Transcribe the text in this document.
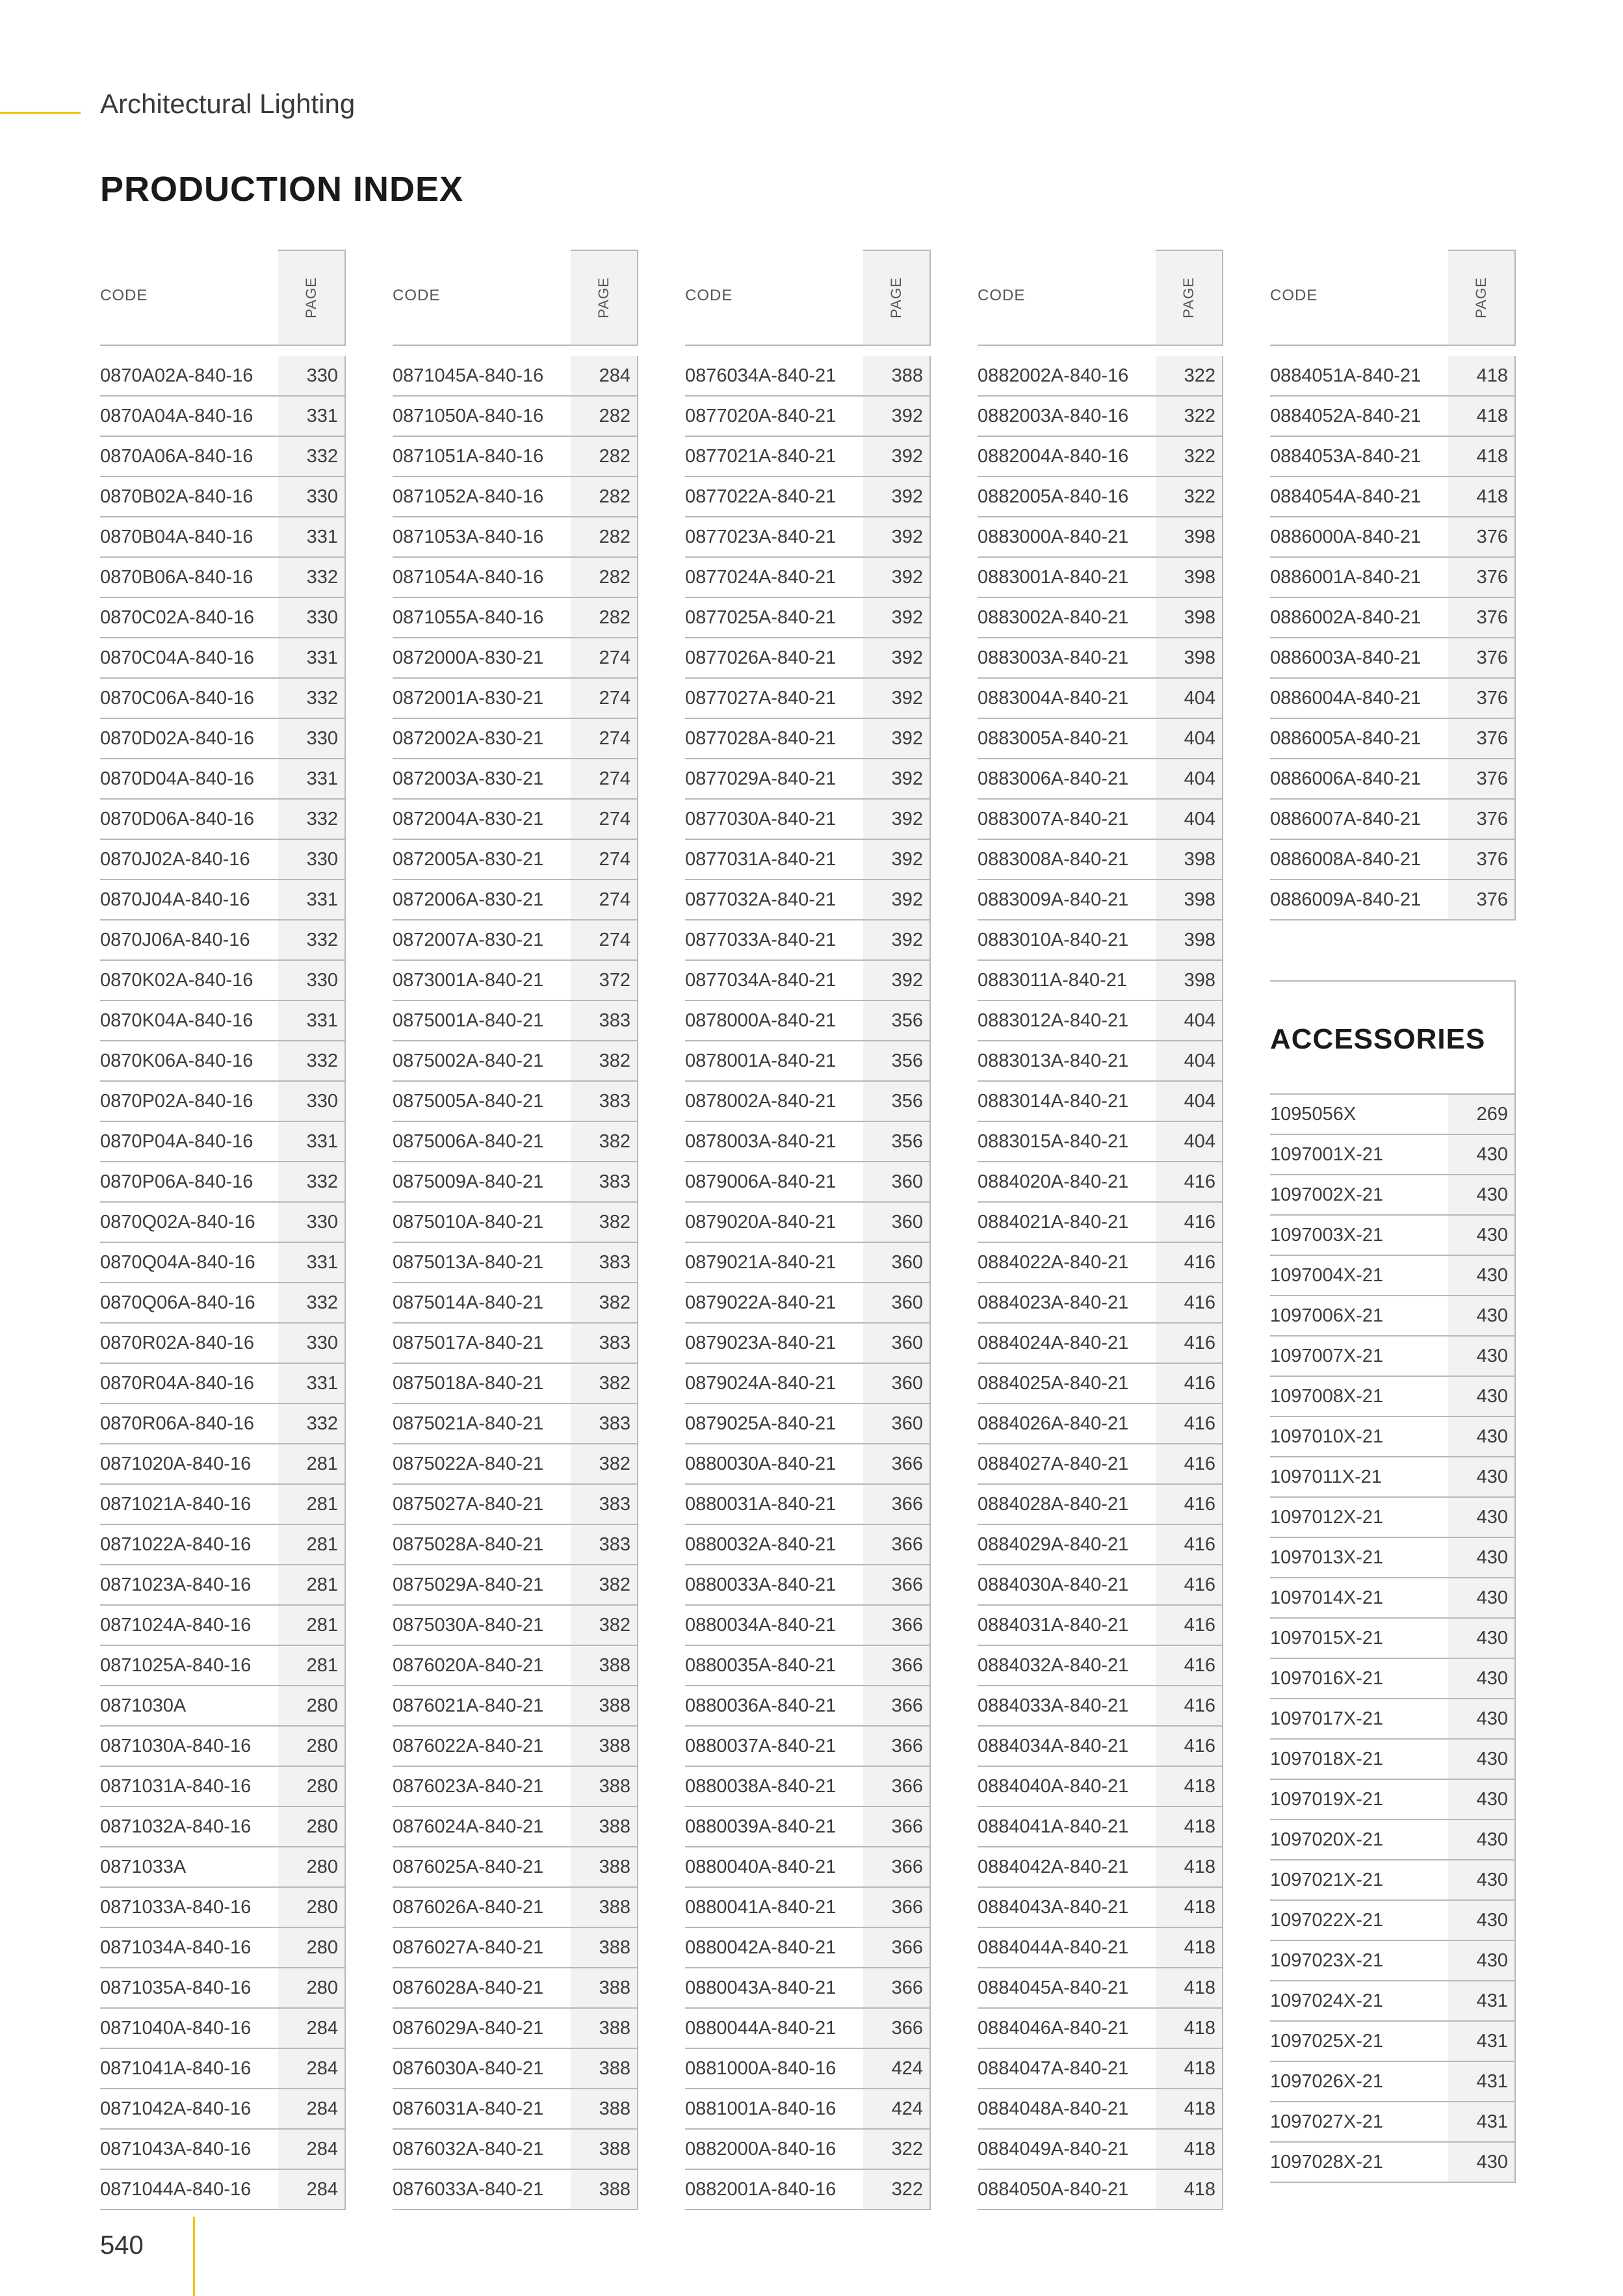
Architectural Lighting
PRODUCTION INDEX
CODE	PAGE
0870A02A-840-16	330
0870A04A-840-16	331
0870A06A-840-16	332
0870B02A-840-16	330
0870B04A-840-16	331
0870B06A-840-16	332
0870C02A-840-16	330
0870C04A-840-16	331
0870C06A-840-16	332
0870D02A-840-16	330
0870D04A-840-16	331
0870D06A-840-16	332
0870J02A-840-16	330
0870J04A-840-16	331
0870J06A-840-16	332
0870K02A-840-16	330
0870K04A-840-16	331
0870K06A-840-16	332
0870P02A-840-16	330
0870P04A-840-16	331
0870P06A-840-16	332
0870Q02A-840-16	330
0870Q04A-840-16	331
0870Q06A-840-16	332
0870R02A-840-16	330
0870R04A-840-16	331
0870R06A-840-16	332
0871020A-840-16	281
0871021A-840-16	281
0871022A-840-16	281
0871023A-840-16	281
0871024A-840-16	281
0871025A-840-16	281
0871030A	280
0871030A-840-16	280
0871031A-840-16	280
0871032A-840-16	280
0871033A	280
0871033A-840-16	280
0871034A-840-16	280
0871035A-840-16	280
0871040A-840-16	284
0871041A-840-16	284
0871042A-840-16	284
0871043A-840-16	284
0871044A-840-16	284
CODE	PAGE
0871045A-840-16	284
0871050A-840-16	282
0871051A-840-16	282
0871052A-840-16	282
0871053A-840-16	282
0871054A-840-16	282
0871055A-840-16	282
0872000A-830-21	274
0872001A-830-21	274
0872002A-830-21	274
0872003A-830-21	274
0872004A-830-21	274
0872005A-830-21	274
0872006A-830-21	274
0872007A-830-21	274
0873001A-840-21	372
0875001A-840-21	383
0875002A-840-21	382
0875005A-840-21	383
0875006A-840-21	382
0875009A-840-21	383
0875010A-840-21	382
0875013A-840-21	383
0875014A-840-21	382
0875017A-840-21	383
0875018A-840-21	382
0875021A-840-21	383
0875022A-840-21	382
0875027A-840-21	383
0875028A-840-21	383
0875029A-840-21	382
0875030A-840-21	382
0876020A-840-21	388
0876021A-840-21	388
0876022A-840-21	388
0876023A-840-21	388
0876024A-840-21	388
0876025A-840-21	388
0876026A-840-21	388
0876027A-840-21	388
0876028A-840-21	388
0876029A-840-21	388
0876030A-840-21	388
0876031A-840-21	388
0876032A-840-21	388
0876033A-840-21	388
CODE	PAGE
0876034A-840-21	388
0877020A-840-21	392
0877021A-840-21	392
0877022A-840-21	392
0877023A-840-21	392
0877024A-840-21	392
0877025A-840-21	392
0877026A-840-21	392
0877027A-840-21	392
0877028A-840-21	392
0877029A-840-21	392
0877030A-840-21	392
0877031A-840-21	392
0877032A-840-21	392
0877033A-840-21	392
0877034A-840-21	392
0878000A-840-21	356
0878001A-840-21	356
0878002A-840-21	356
0878003A-840-21	356
0879006A-840-21	360
0879020A-840-21	360
0879021A-840-21	360
0879022A-840-21	360
0879023A-840-21	360
0879024A-840-21	360
0879025A-840-21	360
0880030A-840-21	366
0880031A-840-21	366
0880032A-840-21	366
0880033A-840-21	366
0880034A-840-21	366
0880035A-840-21	366
0880036A-840-21	366
0880037A-840-21	366
0880038A-840-21	366
0880039A-840-21	366
0880040A-840-21	366
0880041A-840-21	366
0880042A-840-21	366
0880043A-840-21	366
0880044A-840-21	366
0881000A-840-16	424
0881001A-840-16	424
0882000A-840-16	322
0882001A-840-16	322
CODE	PAGE
0882002A-840-16	322
0882003A-840-16	322
0882004A-840-16	322
0882005A-840-16	322
0883000A-840-21	398
0883001A-840-21	398
0883002A-840-21	398
0883003A-840-21	398
0883004A-840-21	404
0883005A-840-21	404
0883006A-840-21	404
0883007A-840-21	404
0883008A-840-21	398
0883009A-840-21	398
0883010A-840-21	398
0883011A-840-21	398
0883012A-840-21	404
0883013A-840-21	404
0883014A-840-21	404
0883015A-840-21	404
0884020A-840-21	416
0884021A-840-21	416
0884022A-840-21	416
0884023A-840-21	416
0884024A-840-21	416
0884025A-840-21	416
0884026A-840-21	416
0884027A-840-21	416
0884028A-840-21	416
0884029A-840-21	416
0884030A-840-21	416
0884031A-840-21	416
0884032A-840-21	416
0884033A-840-21	416
0884034A-840-21	416
0884040A-840-21	418
0884041A-840-21	418
0884042A-840-21	418
0884043A-840-21	418
0884044A-840-21	418
0884045A-840-21	418
0884046A-840-21	418
0884047A-840-21	418
0884048A-840-21	418
0884049A-840-21	418
0884050A-840-21	418
CODE	PAGE
0884051A-840-21	418
0884052A-840-21	418
0884053A-840-21	418
0884054A-840-21	418
0886000A-840-21	376
0886001A-840-21	376
0886002A-840-21	376
0886003A-840-21	376
0886004A-840-21	376
0886005A-840-21	376
0886006A-840-21	376
0886007A-840-21	376
0886008A-840-21	376
0886009A-840-21	376
ACCESSORIES
1095056X	269
1097001X-21	430
1097002X-21	430
1097003X-21	430
1097004X-21	430
1097006X-21	430
1097007X-21	430
1097008X-21	430
1097010X-21	430
1097011X-21	430
1097012X-21	430
1097013X-21	430
1097014X-21	430
1097015X-21	430
1097016X-21	430
1097017X-21	430
1097018X-21	430
1097019X-21	430
1097020X-21	430
1097021X-21	430
1097022X-21	430
1097023X-21	430
1097024X-21	431
1097025X-21	431
1097026X-21	431
1097027X-21	431
1097028X-21	430
540
